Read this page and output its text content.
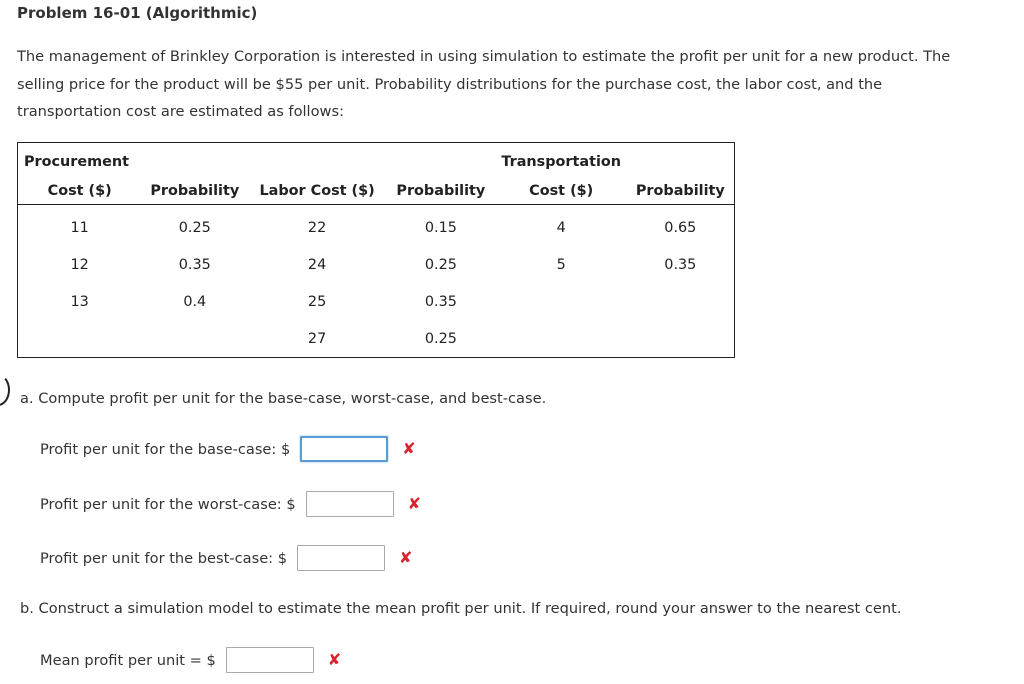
Problem 16-01 (Algorithmic)

The management of Brinkley Corporation is interested in using simulation to estimate the profit per unit for a new product. The

selling price for the product will be $55 per unit. Probability distributions for the purchase cost, the labor cost, and the

transportation cost are estimated as follows:

Procurement				Transportation	
Cost ($)	Probability	Labor Cost ($)	Probability	Cost ($)	Probability
11	0.25	22	0.15	4	0.65
12	0.35	24	0.25	5	0.35
13	0.4	25	0.35		
		27	0.25		
a. Compute profit per unit for the base-case, worst-case, and best-case.
Profit per unit for the base-case: $	✘
Profit per unit for the worst-case: $	✘
Profit per unit for the best-case: $	✘
b. Construct a simulation model to estimate the mean profit per unit. If required, round your answer to the nearest cent.
Mean profit per unit = $	✘
